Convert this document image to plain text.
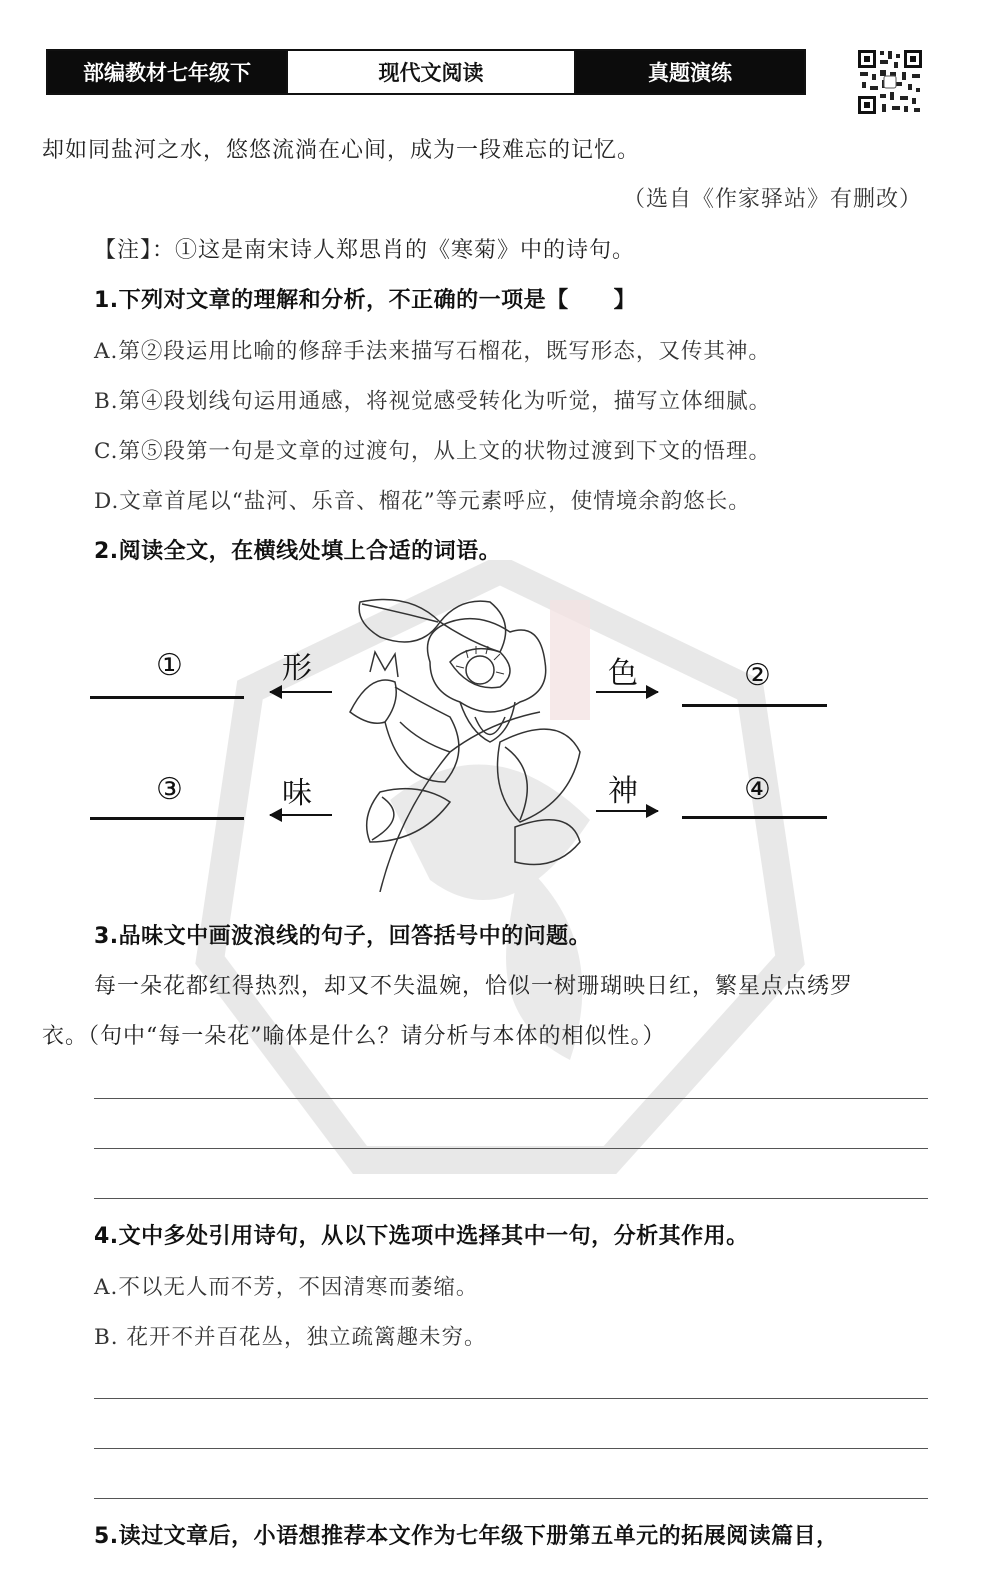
部编教材七年级下	现代文阅读	真题演练
却如同盐河之水，悠悠流淌在心间，成为一段难忘的记忆。
（选自《作家驿站》有删改）
【注】：①这是南宋诗人郑思肖的《寒菊》中的诗句。
1.下列对文章的理解和分析，不正确的一项是【　　】
A.第②段运用比喻的修辞手法来描写石榴花，既写形态，又传其神。
B.第④段划线句运用通感，将视觉感受转化为听觉，描写立体细腻。
C.第⑤段第一句是文章的过渡句，从上文的状物过渡到下文的悟理。
D.文章首尾以“盐河、乐音、榴花”等元素呼应，使情境余韵悠长。
2.阅读全文，在横线处填上合适的词语。
①	形	色	②
③	味	神	④
3.品味文中画波浪线的句子，回答括号中的问题。
每一朵花都红得热烈，却又不失温婉，恰似一树珊瑚映日红，繁星点点绣罗
衣。（句中“每一朵花”喻体是什么？请分析与本体的相似性。）
4.文中多处引用诗句，从以下选项中选择其中一句，分析其作用。
A.不以无人而不芳，不因清寒而萎缩。
B. 花开不并百花丛，独立疏篱趣未穷。
5.读过文章后，小语想推荐本文作为七年级下册第五单元的拓展阅读篇目，
